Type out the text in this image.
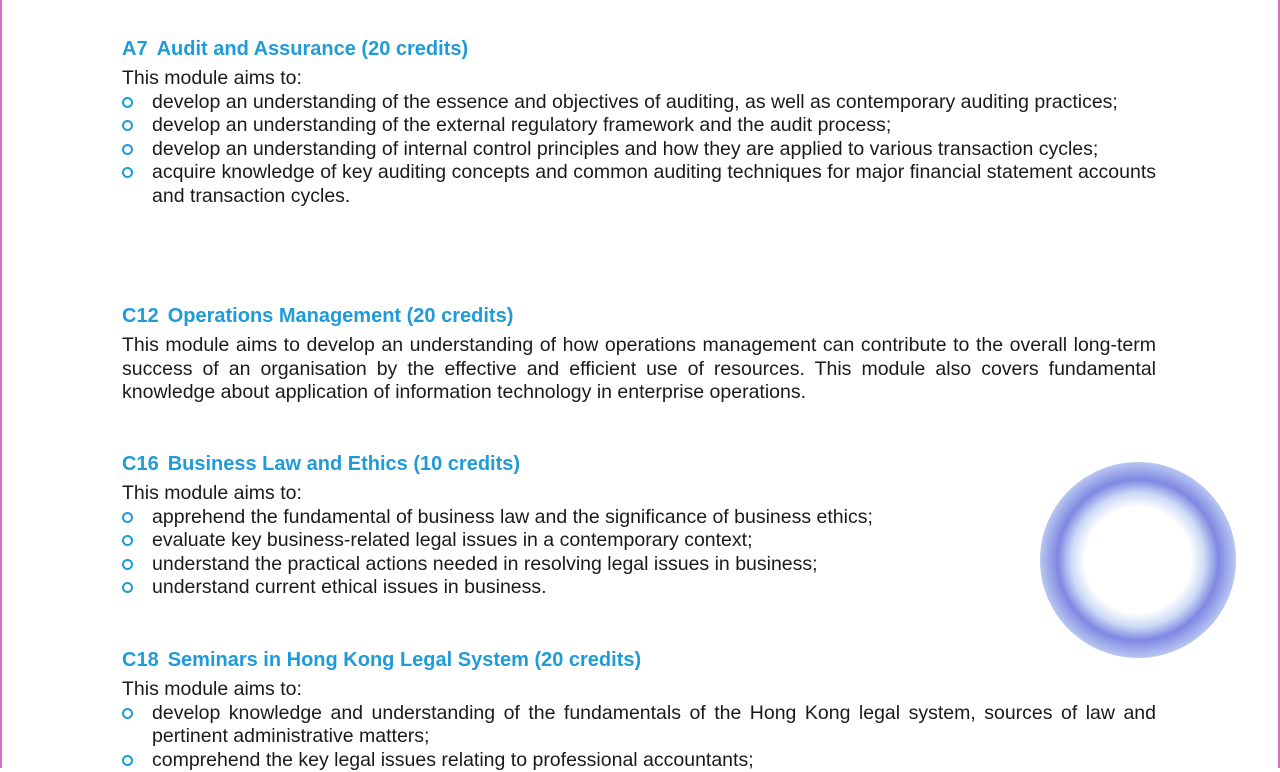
A7 Audit and Assurance (20 credits)

This module aims to:

develop an understanding of the essence and objectives of auditing, as well as contemporary auditing practices;
develop an understanding of the external regulatory framework and the audit process;
develop an understanding of internal control principles and how they are applied to various transaction cycles;
acquire knowledge of key auditing concepts and common auditing techniques for major financial statement accounts and transaction cycles.
C12 Operations Management (20 credits)

This module aims to develop an understanding of how operations management can contribute to the overall long-term success of an organisation by the effective and efficient use of resources. This module also covers fundamental knowledge about application of information technology in enterprise operations.

C16 Business Law and Ethics (10 credits)

This module aims to:

apprehend the fundamental of business law and the significance of business ethics;
evaluate key business-related legal issues in a contemporary context;
understand the practical actions needed in resolving legal issues in business;
understand current ethical issues in business.
C18 Seminars in Hong Kong Legal System (20 credits)

This module aims to:

develop knowledge and understanding of the fundamentals of the Hong Kong legal system, sources of law and pertinent administrative matters;
comprehend the key legal issues relating to professional accountants;
